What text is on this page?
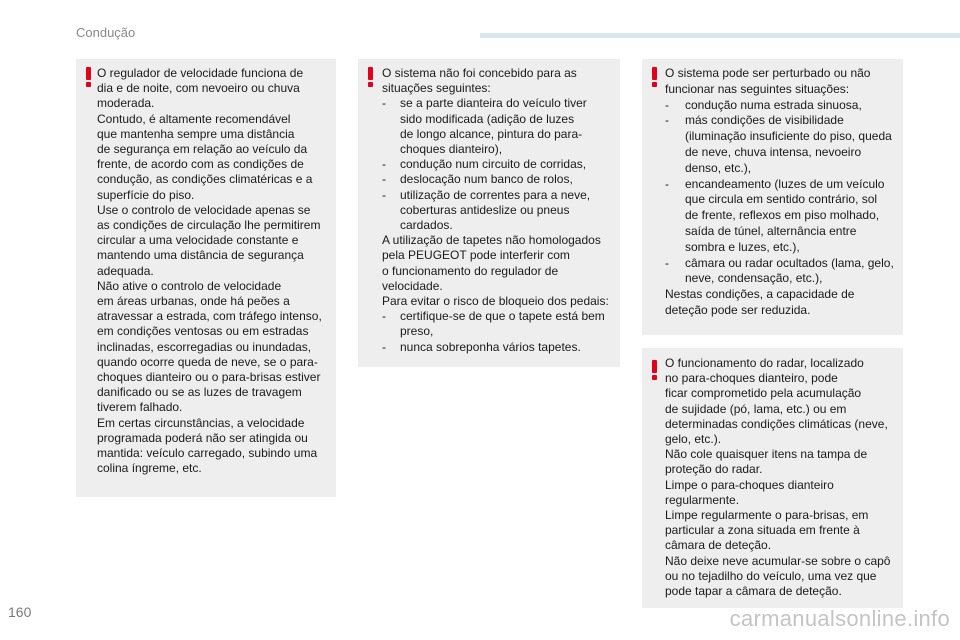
Condução

O regulador de velocidade funciona de

dia e de noite, com nevoeiro ou chuva

moderada.

Contudo, é altamente recomendável

que mantenha sempre uma distância

de segurança em relação ao veículo da

frente, de acordo com as condições de

condução, as condições climatéricas e a

superfície do piso.

Use o controlo de velocidade apenas se

as condições de circulação lhe permitirem

circular a uma velocidade constante e

mantendo uma distância de segurança

adequada.

Não ative o controlo de velocidade

em áreas urbanas, onde há peões a

atravessar a estrada, com tráfego intenso,

em condições ventosas ou em estradas

inclinadas, escorregadias ou inundadas,

quando ocorre queda de neve, se o para-

choques dianteiro ou o para-brisas estiver

danificado ou se as luzes de travagem

tiverem falhado.

Em certas circunstâncias, a velocidade

programada poderá não ser atingida ou

mantida: veículo carregado, subindo uma

colina íngreme, etc.

O sistema não foi concebido para as

situações seguintes:

- se a parte dianteira do veículo tiver

sido modificada (adição de luzes

de longo alcance, pintura do para-

choques dianteiro),

- condução num circuito de corridas,

- deslocação num banco de rolos,

- utilização de correntes para a neve,

coberturas antideslize ou pneus

cardados.

A utilização de tapetes não homologados

pela PEUGEOT pode interferir com

o funcionamento do regulador de

velocidade.

Para evitar o risco de bloqueio dos pedais:

- certifique-se de que o tapete está bem

preso,

- nunca sobreponha vários tapetes.

O sistema pode ser perturbado ou não

funcionar nas seguintes situações:

- condução numa estrada sinuosa,

- más condições de visibilidade

(iluminação insuficiente do piso, queda

de neve, chuva intensa, nevoeiro

denso, etc.),

- encandeamento (luzes de um veículo

que circula em sentido contrário, sol

de frente, reflexos em piso molhado,

saída de túnel, alternância entre

sombra e luzes, etc.),

- câmara ou radar ocultados (lama, gelo,

neve, condensação, etc.),

Nestas condições, a capacidade de

deteção pode ser reduzida.

O funcionamento do radar, localizado

no para-choques dianteiro, pode

ficar comprometido pela acumulação

de sujidade (pó, lama, etc.) ou em

determinadas condições climáticas (neve,

gelo, etc.).

Não cole quaisquer itens na tampa de

proteção do radar.

Limpe o para-choques dianteiro

regularmente.

Limpe regularmente o para-brisas, em

particular a zona situada em frente à

câmara de deteção.

Não deixe neve acumular-se sobre o capô

ou no tejadilho do veículo, uma vez que

pode tapar a câmara de deteção.

160	carmanualsonline.info
